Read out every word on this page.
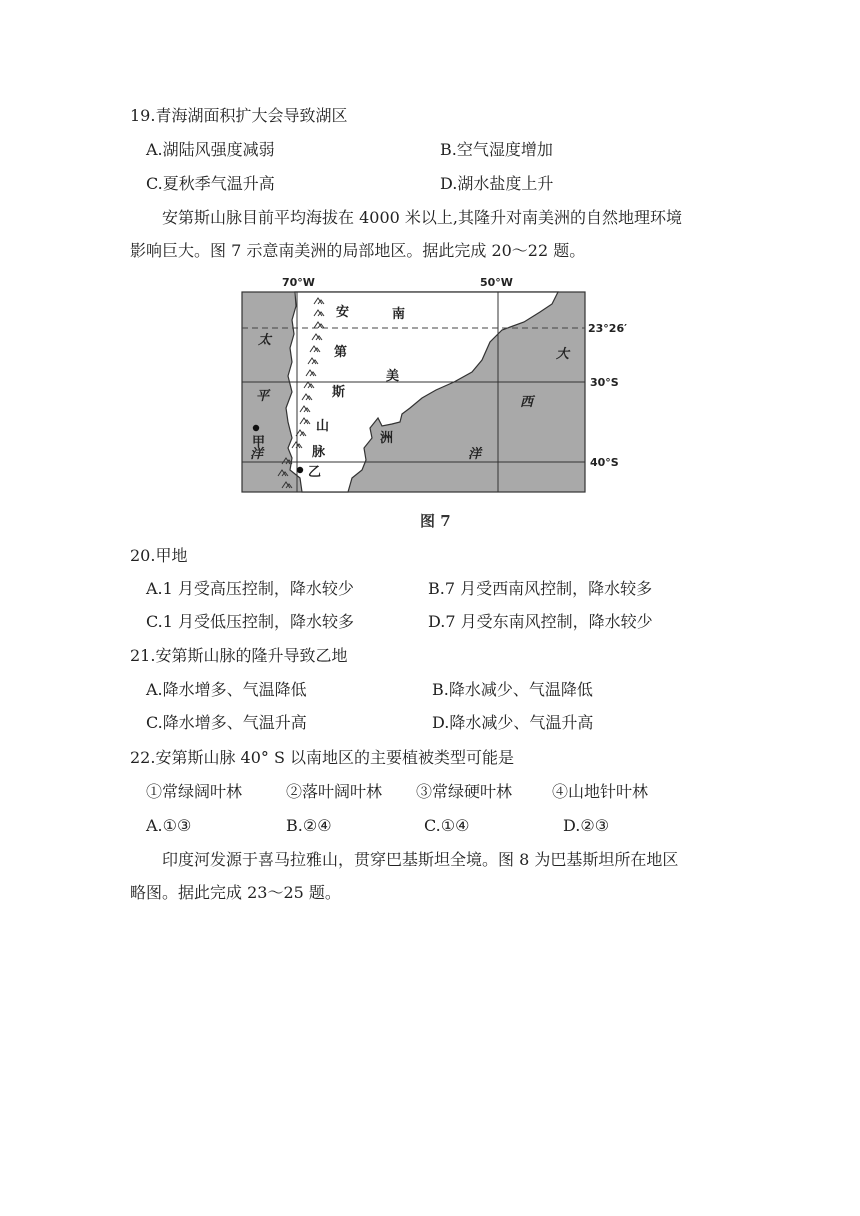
19.青海湖面积扩大会导致湖区
A.湖陆风强度减弱	B.空气湿度增加
C.夏秋季气温升高	D.湖水盐度上升
安第斯山脉目前平均海拔在 4000 米以上,其隆升对南美洲的自然地理环境
影响巨大。图 7 示意南美洲的局部地区。据此完成 20～22 题。
70°W	50°W
23°26′
30°S
40°S
安
第
斯
山
脉
南
美
洲
太
平
洋
大
西
洋
甲
乙
图 7
20.甲地
A.1 月受高压控制，降水较少	B.7 月受西南风控制，降水较多
C.1 月受低压控制，降水较多	D.7 月受东南风控制，降水较少
21.安第斯山脉的隆升导致乙地
A.降水增多、气温降低	B.降水减少、气温降低
C.降水增多、气温升高	D.降水减少、气温升高
22.安第斯山脉 40° S 以南地区的主要植被类型可能是
①常绿阔叶林	②落叶阔叶林 ③常绿硬叶林 ④山地针叶林
A.①③	B.②④	C.①④	D.②③
印度河发源于喜马拉雅山，贯穿巴基斯坦全境。图 8 为巴基斯坦所在地区
略图。据此完成 23～25 题。
